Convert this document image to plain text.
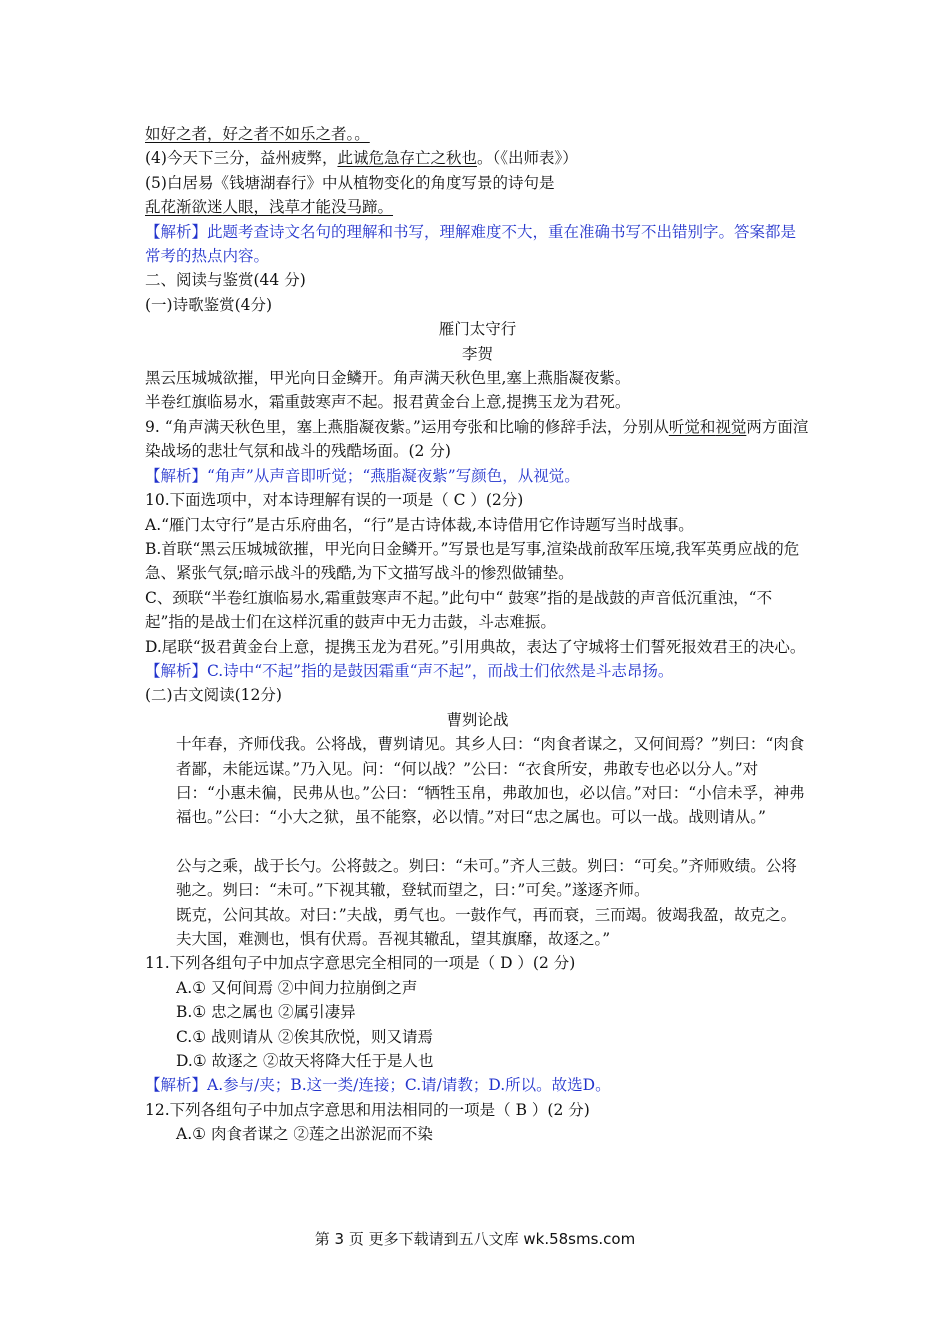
如好之者，好之者不如乐之者。。
(4)今天下三分，益州疲弊，此诚危急存亡之秋也。（《出师表》）
(5)白居易《钱塘湖春行》中从植物变化的角度写景的诗句是
乱花渐欲迷人眼，浅草才能没马蹄。
【解析】此题考查诗文名句的理解和书写，理解难度不大，重在准确书写不出错别字。答案都是常考的热点内容。
二、阅读与鉴赏(44 分)
(一)诗歌鉴赏(4分)
雁门太守行
李贺
黑云压城城欲摧，甲光向日金鳞开。角声满天秋色里,塞上燕脂凝夜紫。
半卷红旗临易水，霜重鼓寒声不起。报君黄金台上意,提携玉龙为君死。
9. “角声满天秋色里，塞上燕脂凝夜紫。”运用夸张和比喻的修辞手法，分别从听觉和视觉两方面渲染战场的悲壮气氛和战斗的残酷场面。(2 分)
【解析】“角声”从声音即听觉；“燕脂凝夜紫”写颜色，从视觉。
10.下面选项中，对本诗理解有误的一项是（ C ）(2分)
A.“雁门太守行”是古乐府曲名，“行”是古诗体裁,本诗借用它作诗题写当时战事。
B.首联“黑云压城城欲摧，甲光向日金鳞开。”写景也是写事,渲染战前敌军压境,我军英勇应战的危急、紧张气氛;暗示战斗的残酷,为下文描写战斗的惨烈做铺垫。
C、颈联“半卷红旗临易水,霜重鼓寒声不起。”此句中“ 鼓寒”指的是战鼓的声音低沉重浊，“不起”指的是战士们在这样沉重的鼓声中无力击鼓，斗志难振。
D.尾联“扱君黄金台上意，提携玉龙为君死。”引用典故，表达了守城将士们誓死报效君王的决心。
【解析】C.诗中“不起”指的是鼓因霜重“声不起”，而战士们依然是斗志昂扬。
(二)古文阅读(12分)
曹刿论战
十年春，齐师伐我。公将战，曹刿请见。其乡人曰：“肉食者谋之，又何间焉？”刿曰：“肉食者鄙，未能远谋。”乃入见。问：“何以战？”公曰：“衣食所安，弗敢专也必以分人。”对曰：“小惠未徧，民弗从也。”公曰：“牺牲玉帛，弗敢加也，必以信。”对曰：“小信未孚，神弗福也。”公曰：“小大之狱，虽不能察，必以情。”对曰“忠之属也。可以一战。战则请从。”
公与之乘，战于长勺。公将鼓之。刿曰：“未可。”齐人三鼓。刿曰：“可矣。”齐师败绩。公将驰之。刿曰：“未可。”下视其辙，登轼而望之，曰：”可矣。”遂逐齐师。
既克，公问其故。对曰：”夫战，勇气也。一鼓作气，再而衰，三而竭。彼竭我盈，故克之。夫大国，难测也，惧有伏焉。吾视其辙乱，望其旗靡，故逐之。”
11.下列各组句子中加点字意思完全相同的一项是（ D ）(2 分)
A.① 又何间焉 ②中间力拉崩倒之声
B.① 忠之属也 ②属引凄异
C.① 战则请从 ②俟其欣悦，则又请焉
D.① 故逐之 ②故天将降大任于是人也
【解析】A.参与/夹；B.这一类/连接；C.请/请教；D.所以。故选D。
12.下列各组句子中加点字意思和用法相同的一项是（ B ）(2 分)
A.① 肉食者谋之 ②莲之出淤泥而不染
第 3 页 更多下载请到五八文库 wk.58sms.com
